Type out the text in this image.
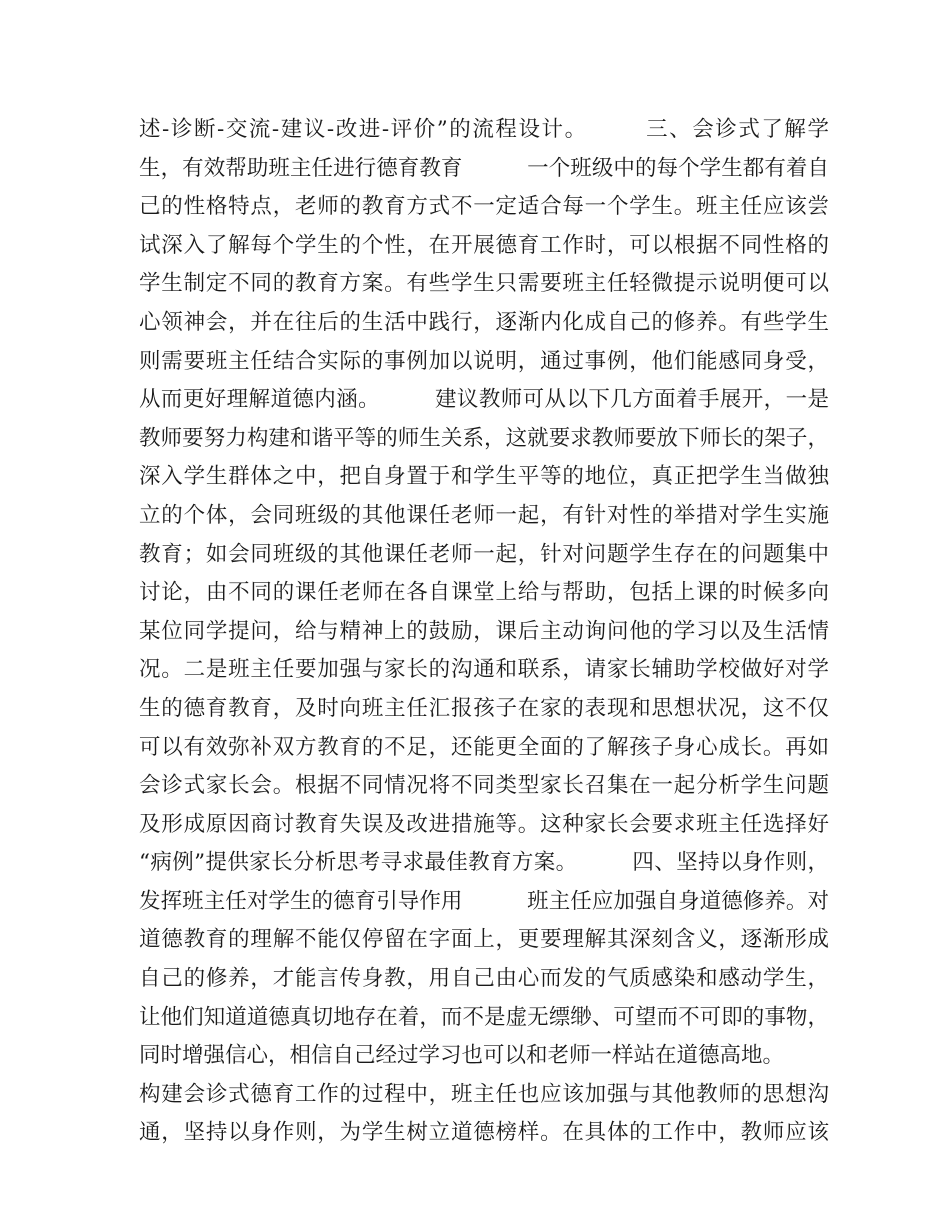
述-诊断-交流-建议-改进-评价”的流程设计。　　　三、会诊式了解学
生，有效帮助班主任进行德育教育　　　一个班级中的每个学生都有着自
己的性格特点，老师的教育方式不一定适合每一个学生。班主任应该尝
试深入了解每个学生的个性，在开展德育工作时，可以根据不同性格的
学生制定不同的教育方案。有些学生只需要班主任轻微提示说明便可以
心领神会，并在往后的生活中践行，逐渐内化成自己的修养。有些学生
则需要班主任结合实际的事例加以说明，通过事例，他们能感同身受，
从而更好理解道德内涵。　　　建议教师可从以下几方面着手展开，一是
教师要努力构建和谐平等的师生关系，这就要求教师要放下师长的架子，
深入学生群体之中，把自身置于和学生平等的地位，真正把学生当做独
立的个体，会同班级的其他课任老师一起，有针对性的举措对学生实施
教育；如会同班级的其他课任老师一起，针对问题学生存在的问题集中
讨论，由不同的课任老师在各自课堂上给与帮助，包括上课的时候多向
某位同学提问，给与精神上的鼓励，课后主动询问他的学习以及生活情
况。二是班主任要加强与家长的沟通和联系，请家长辅助学校做好对学
生的德育教育，及时向班主任汇报孩子在家的表现和思想状况，这不仅
可以有效弥补双方教育的不足，还能更全面的了解孩子身心成长。再如
会诊式家长会。根据不同情况将不同类型家长召集在一起分析学生问题
及形成原因商讨教育失误及改进措施等。这种家长会要求班主任选择好
“病例”提供家长分析思考寻求最佳教育方案。　　　四、坚持以身作则，
发挥班主任对学生的德育引导作用　　　班主任应加强自身道德修养。对
道德教育的理解不能仅停留在字面上，更要理解其深刻含义，逐渐形成
自己的修养，才能言传身教，用自己由心而发的气质感染和感动学生，
让他们知道道德真切地存在着，而不是虚无缥缈、可望而不可即的事物，
同时增强信心，相信自己经过学习也可以和老师一样站在道德高地。
构建会诊式德育工作的过程中，班主任也应该加强与其他教师的思想沟
通，坚持以身作则，为学生树立道德榜样。在具体的工作中，教师应该
